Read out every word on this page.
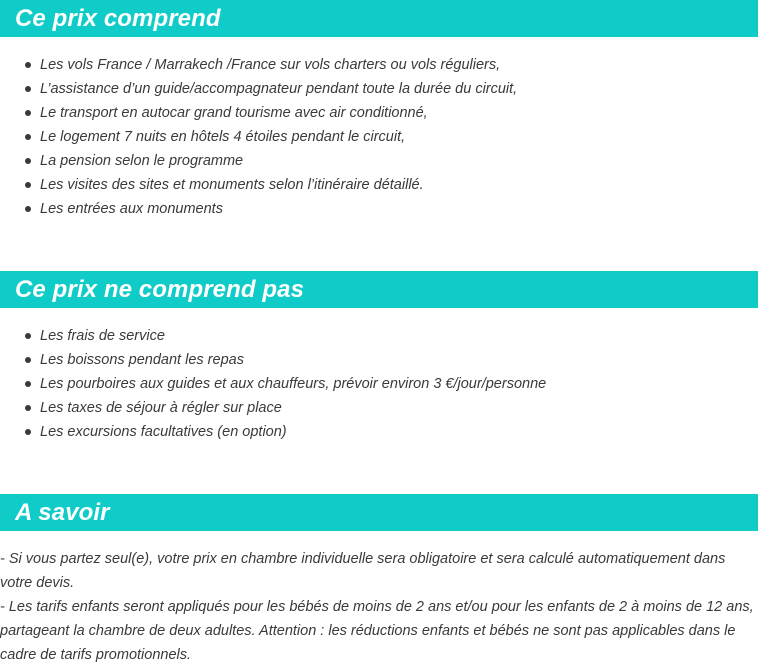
Ce prix comprend
Les vols France / Marrakech /France sur vols charters ou vols réguliers,
L’assistance d’un guide/accompagnateur pendant toute la durée du circuit,
Le transport en autocar grand tourisme avec air conditionné,
Le logement 7 nuits en hôtels 4 étoiles pendant le circuit,
La pension selon le programme
Les visites des sites et monuments selon l’itinéraire détaillé.
Les entrées aux monuments
Ce prix ne comprend pas
Les frais de service
Les boissons pendant les repas
Les pourboires aux guides et aux chauffeurs, prévoir environ 3 €/jour/personne
Les taxes de séjour à régler sur place
Les excursions facultatives (en option)
A savoir

- Si vous partez seul(e), votre prix en chambre individuelle sera obligatoire et sera calculé automatiquement dans votre devis.

- Les tarifs enfants seront appliqués pour les bébés de moins de 2 ans et/ou pour les enfants de 2 à moins de 12 ans, partageant la chambre de deux adultes. Attention : les réductions enfants et bébés ne sont pas applicables dans le cadre de tarifs promotionnels.
